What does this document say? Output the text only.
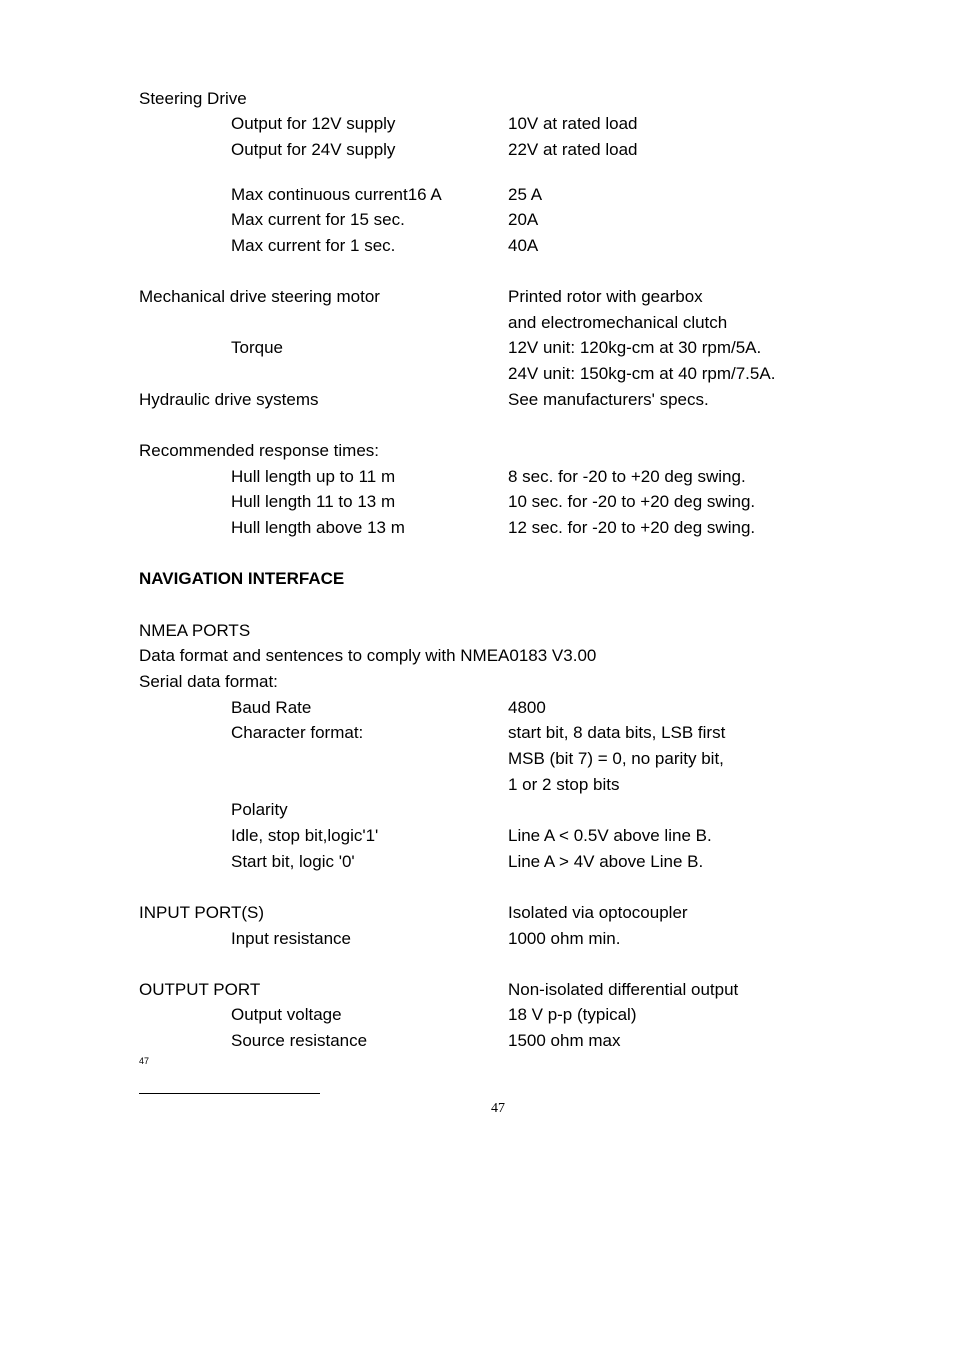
Steering Drive
Output for 12V supply	10V at rated load
Output for 24V supply	22V at rated load
Max continuous current16 A	25 A
Max current for 15 sec.	20A
Max current for 1 sec.	40A
Mechanical drive steering motor	Printed rotor with gearbox
and electromechanical clutch
Torque	12V unit: 120kg-cm at 30 rpm/5A.
24V unit: 150kg-cm at 40 rpm/7.5A.
Hydraulic drive systems	See manufacturers' specs.
Recommended response times:
Hull length up to 11 m	8 sec. for -20 to +20 deg swing.
Hull length 11 to 13 m	10 sec. for -20 to +20 deg swing.
Hull length above 13 m	12 sec. for -20 to +20 deg swing.
NAVIGATION INTERFACE
NMEA PORTS
Data format and sentences to comply with NMEA0183 V3.00
Serial data format:
Baud Rate	4800
Character format:	start bit, 8 data bits, LSB first
MSB (bit 7) = 0, no parity bit,
1 or 2 stop bits
Polarity
Idle, stop bit,logic'1'	Line A < 0.5V above line B.
Start bit, logic '0'	Line A > 4V above Line B.
INPUT PORT(S)	Isolated via optocoupler
Input resistance	1000 ohm min.
OUTPUT PORT	Non-isolated differential output
Output voltage	18 V p-p (typical)
Source resistance	1500 ohm max
47
47
